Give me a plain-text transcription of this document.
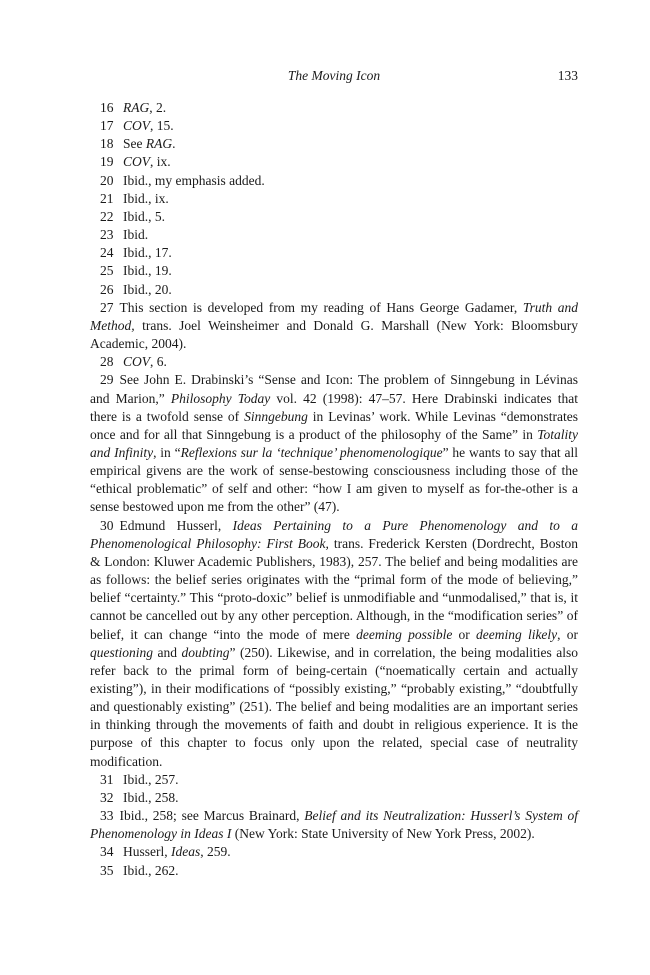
The Moving Icon	133
16 RAG, 2.
17 COV, 15.
18 See RAG.
19 COV, ix.
20 Ibid., my emphasis added.
21 Ibid., ix.
22 Ibid., 5.
23 Ibid.
24 Ibid., 17.
25 Ibid., 19.
26 Ibid., 20.
27 This section is developed from my reading of Hans George Gadamer, Truth and Method, trans. Joel Weinsheimer and Donald G. Marshall (New York: Bloomsbury Academic, 2004).
28 COV, 6.
29 See John E. Drabinski’s “Sense and Icon: The problem of Sinngebung in Lévinas and Marion,” Philosophy Today vol. 42 (1998): 47–57. Here Drabinski indicates that there is a twofold sense of Sinngebung in Levinas’ work. While Levinas “demonstrates once and for all that Sinngebung is a product of the philosophy of the Same” in Totality and Infinity, in “Reflexions sur la ‘technique’ phenomenologique” he wants to say that all empirical givens are the work of sense-bestowing consciousness including those of the “ethical problematic” of self and other: “how I am given to myself as for-the-other is a sense bestowed upon me from the other” (47).
30 Edmund Husserl, Ideas Pertaining to a Pure Phenomenology and to a Phenomenological Philosophy: First Book, trans. Frederick Kersten (Dordrecht, Boston & London: Kluwer Academic Publishers, 1983), 257. The belief and being modalities are as follows: the belief series originates with the “primal form of the mode of believing,” belief “certainty.” This “proto-doxic” belief is unmodifiable and “unmodalised,” that is, it cannot be cancelled out by any other perception. Although, in the “modification series” of belief, it can change “into the mode of mere deeming possible or deeming likely, or questioning and doubting” (250). Likewise, and in correlation, the being modalities also refer back to the primal form of being-certain (“noematically certain and actually existing”), in their modifications of “possibly existing,” “probably existing,” “doubtfully and questionably existing” (251). The belief and being modalities are an important series in thinking through the movements of faith and doubt in religious experience. It is the purpose of this chapter to focus only upon the related, special case of neutrality modification.
31 Ibid., 257.
32 Ibid., 258.
33 Ibid., 258; see Marcus Brainard, Belief and its Neutralization: Husserl’s System of Phenomenology in Ideas I (New York: State University of New York Press, 2002).
34 Husserl, Ideas, 259.
35 Ibid., 262.
